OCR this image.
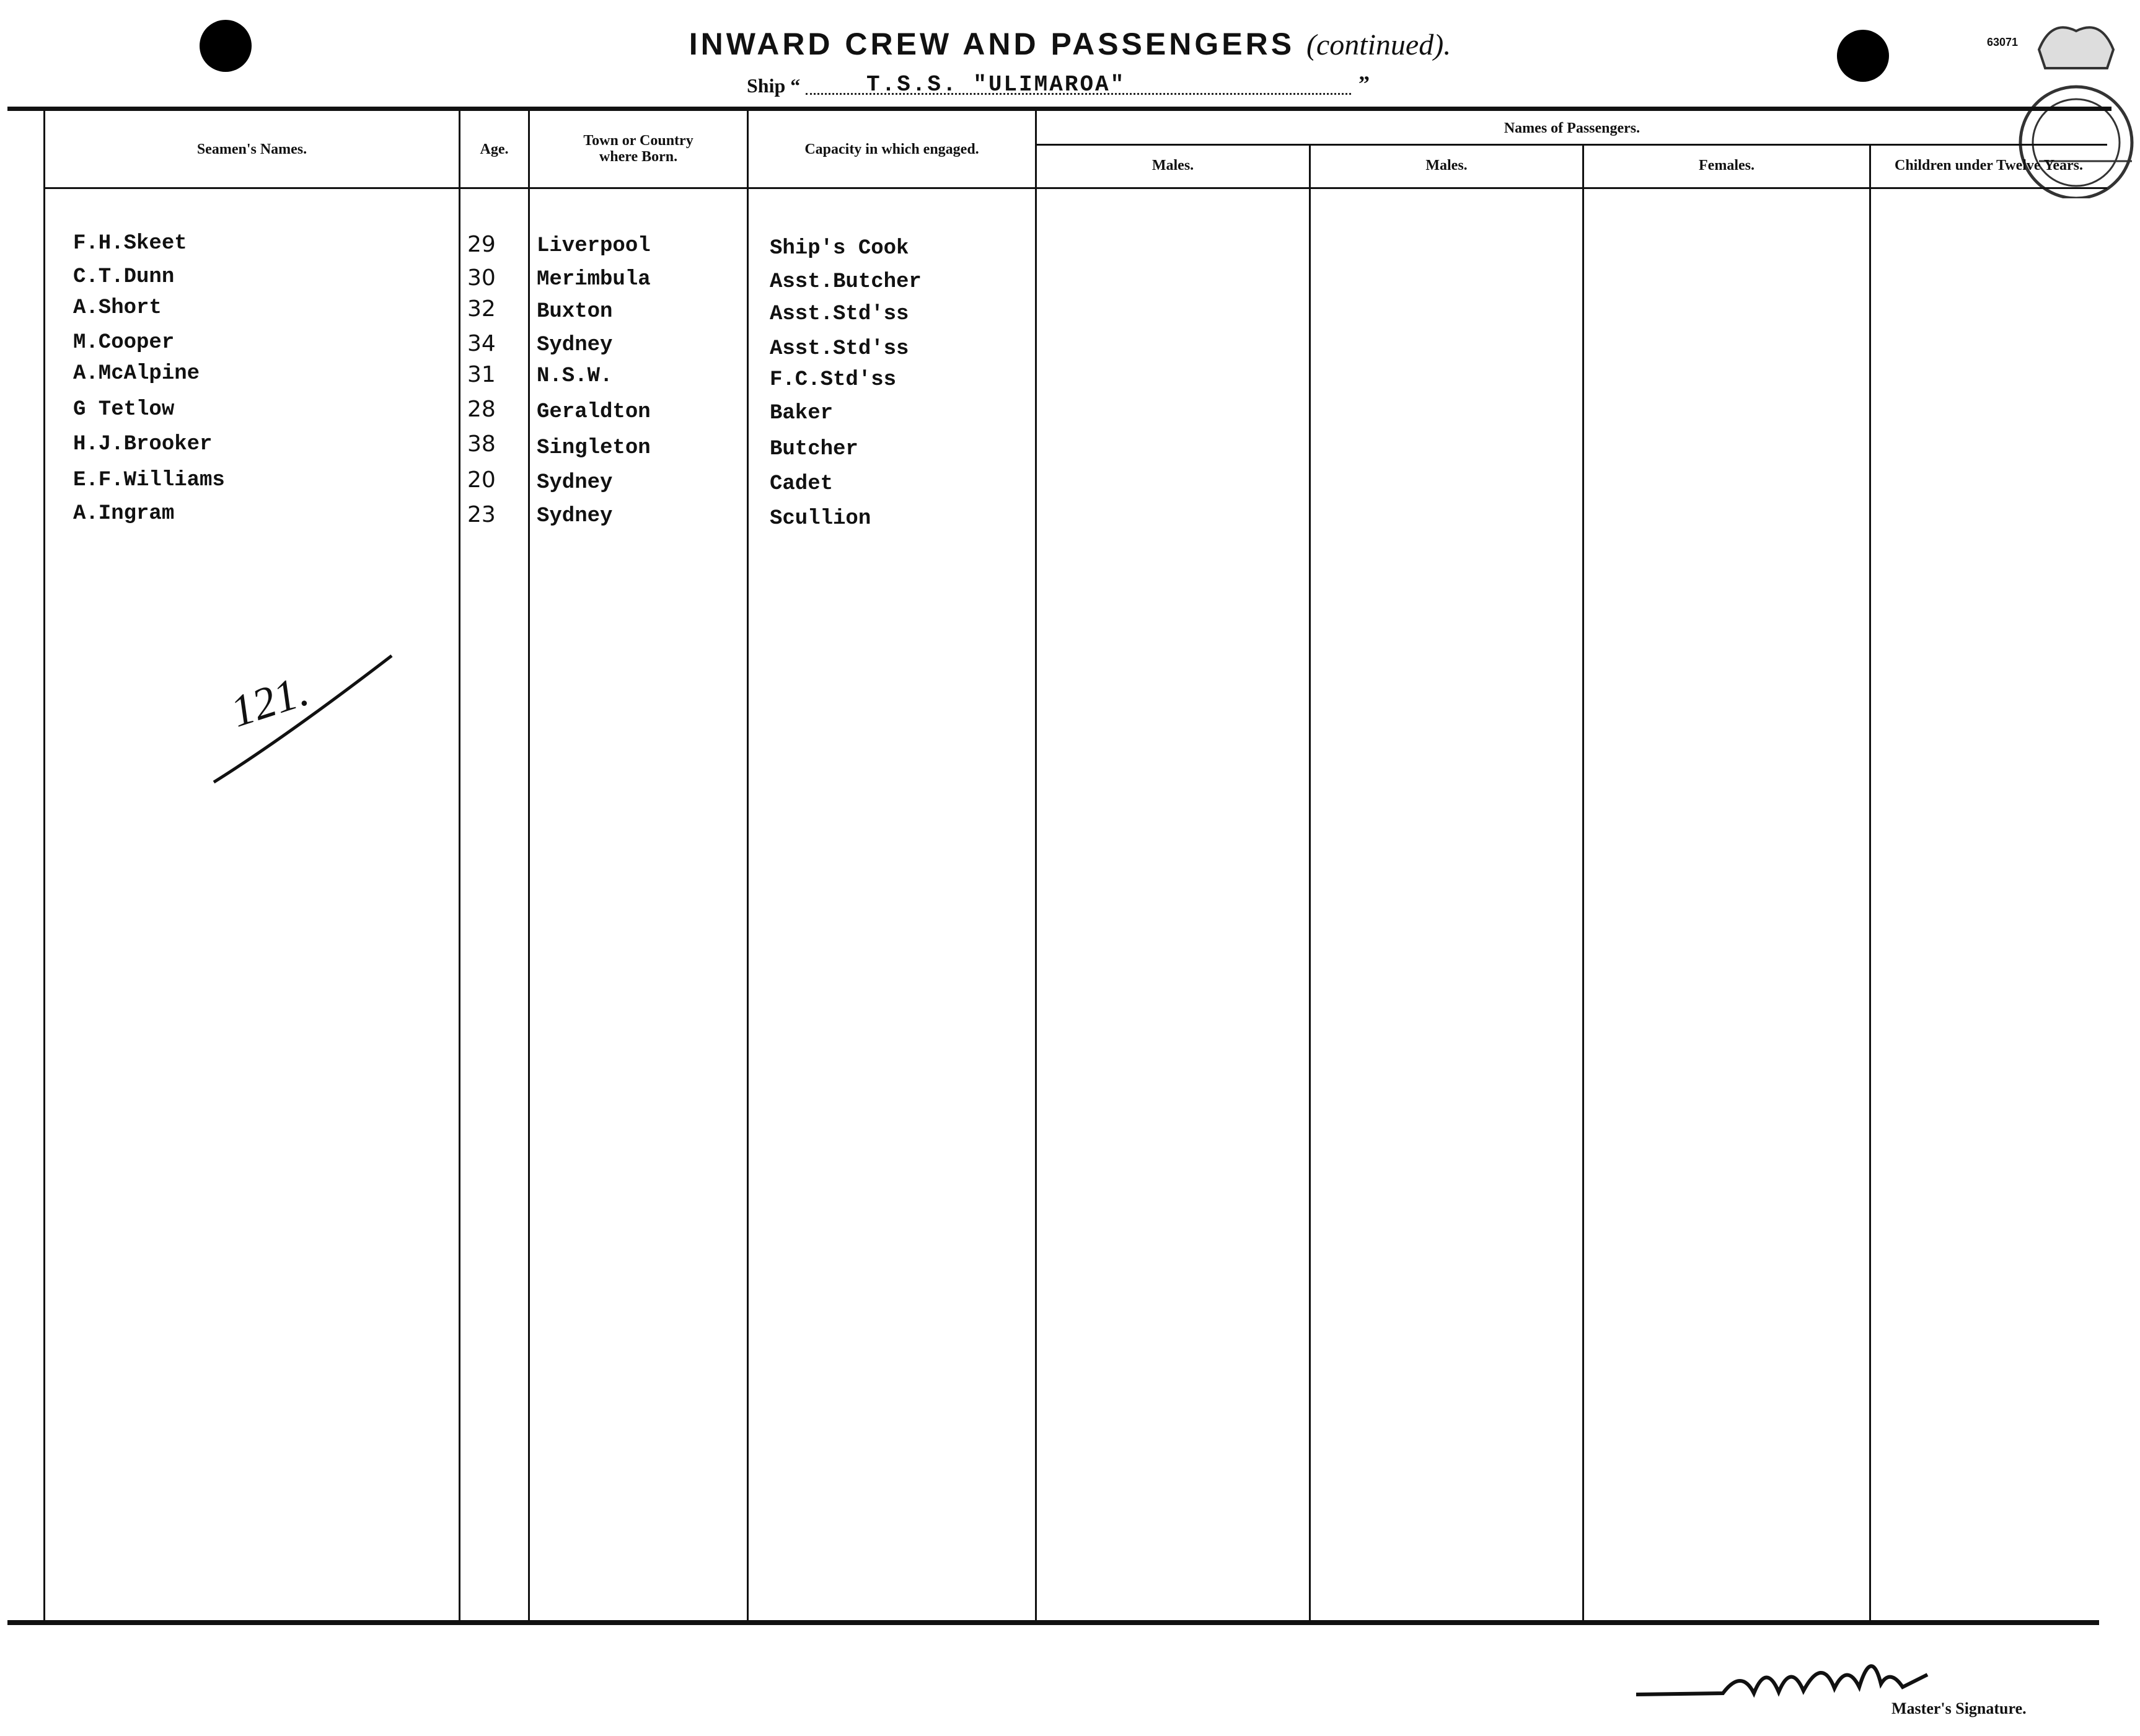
INWARD CREW AND PASSENGERS (continued).
Ship “	T.S.S. "ULIMAROA"	”
63071
Seamen's Names.	Age.
Town or Country
where Born.	Capacity in which engaged.
Names of Passengers.
Males.	Males.	Females.	Children under Twelve Years.
F.H.Skeet	29 Liverpool	Ship's Cook
C.T.Dunn	30 Merimbula	Asst.Butcher
A.Short	32 Buxton	Asst.Std'ss
M.Cooper	34 Sydney	Asst.Std'ss
A.McAlpine	31 N.S.W.	F.C.Std'ss
G Tetlow	28 Geraldton	Baker
H.J.Brooker	38 Singleton	Butcher
E.F.Williams	20 Sydney	Cadet
A.Ingram	23 Sydney	Scullion
121.
Master's Signature.
